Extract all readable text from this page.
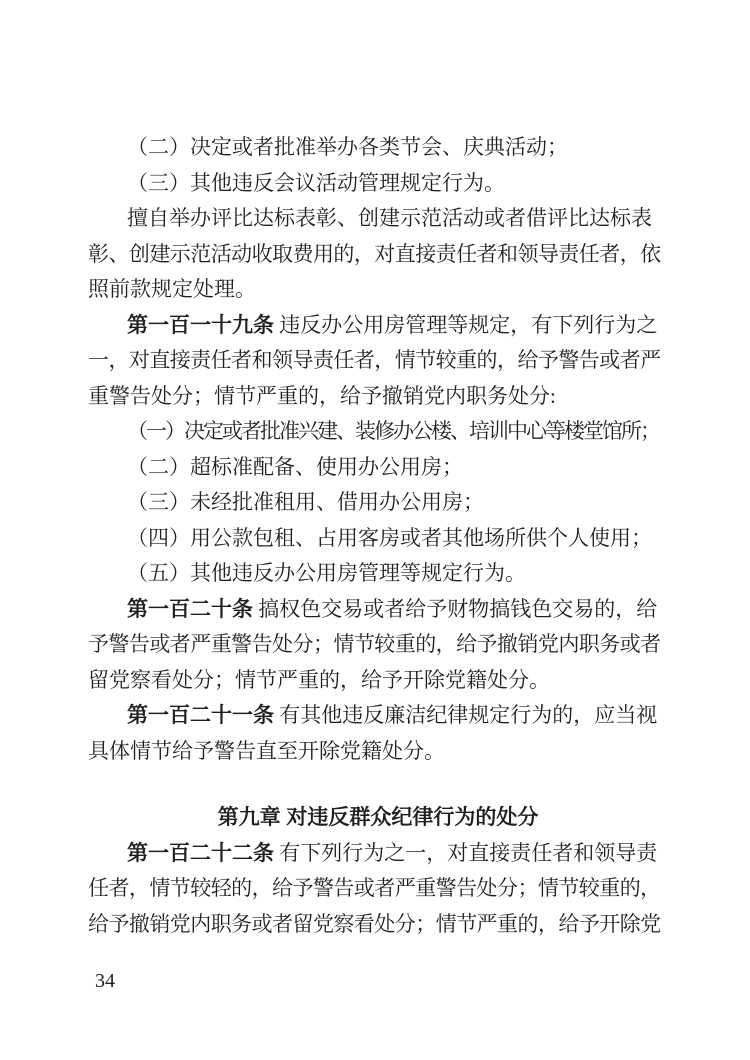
（二）决定或者批准举办各类节会、庆典活动；
（三）其他违反会议活动管理规定行为。
擅自举办评比达标表彰、创建示范活动或者借评比达标表
彰、创建示范活动收取费用的，对直接责任者和领导责任者，依
照前款规定处理。
第一百一十九条 违反办公用房管理等规定，有下列行为之
一，对直接责任者和领导责任者，情节较重的，给予警告或者严
重警告处分；情节严重的，给予撤销党内职务处分:
（一）决定或者批准兴建、装修办公楼、培训中心等楼堂馆所；
（二）超标准配备、使用办公用房；
（三）未经批准租用、借用办公用房；
（四）用公款包租、占用客房或者其他场所供个人使用；
（五）其他违反办公用房管理等规定行为。
第一百二十条 搞权色交易或者给予财物搞钱色交易的，给
予警告或者严重警告处分；情节较重的，给予撤销党内职务或者
留党察看处分；情节严重的，给予开除党籍处分。
第一百二十一条 有其他违反廉洁纪律规定行为的，应当视
具体情节给予警告直至开除党籍处分。
第九章 对违反群众纪律行为的处分
第一百二十二条 有下列行为之一，对直接责任者和领导责
任者，情节较轻的，给予警告或者严重警告处分；情节较重的，
给予撤销党内职务或者留党察看处分；情节严重的，给予开除党
34
